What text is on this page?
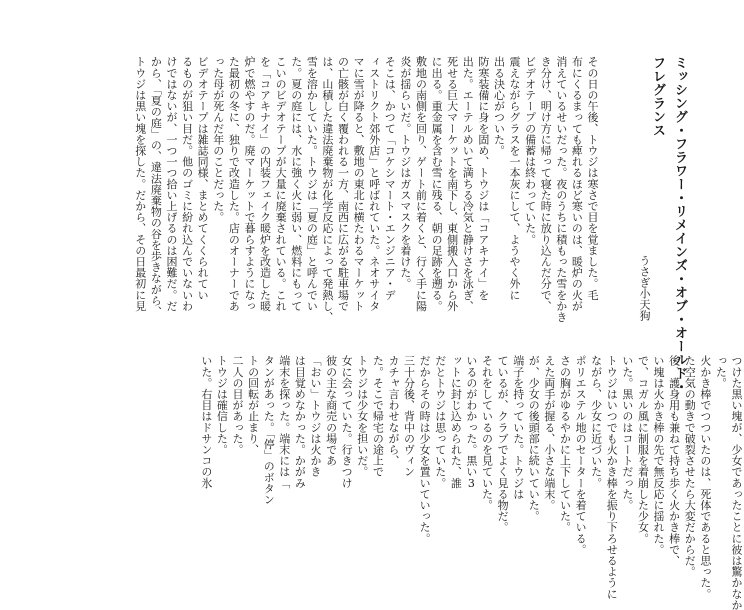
ミッシング・フラワー・リメインズ・オブ・オールド・
フレグランス
うさぎ小天狗
その日の午後、トウジは寒さで目を覚ました。毛
布にくるまっても痺れるほど寒いのは、暖炉の火が
消えているせいだった。夜のうちに積もった雪をかき
き分け、明け方に帰って寝た時に放り込んだ分で、
ビデオテープの備蓄は終わっていた。
震えながらグラスを一本灰にして、ようやく外に
出る決心がついた。
防寒装備に身を固め、トウジは「コアキナイ」を
出た。エーテルめいて満ちる冷気と静けさを泳ぎ、
死せる巨大マーケットを南下し、東側搬入口から外
に出る。重金属を含む雪に残る、朝の足跡を遡る。
敷地の南側を回り、ゲート前に着くと、行く手に陽
炎が揺らいだ。トウジはガスマスクを着けた。
そこは、かつて「コケシマート・エンジニア・デ
ィストリクト郊外店」と呼ばれていた。ネオサイタ
マに雪が降ると、敷地の東北に横たわるマーケット
の亡骸が白く覆われる一方、南西に広がる駐車場で
は、山積した違法廃棄物が化学反応によって発熱し、
雪を溶かしていた。トウジは「夏の庭」と呼んでい
た。夏の庭には、水に強く火に弱い、燃料にもって
こいのビデオテープが大量に廃棄されている。これ
を「コアキナイ」の内装フェイク暖炉を改造した暖
炉で燃やすのだ。廃マーケットで暮らすようになっ
た最初の冬に、独りで改造した。店のオーナーであ
った母が死んだ年のことだった。
ビデオテープは雑誌同様、まとめてくくられてい
るものが狙い目だ。他のゴミに紛れ込んでいないわ
けではないが、一つ一つ拾い上げるのは困難だ。だ
から、「夏の庭」の、違法廃棄物の谷を歩きながら、
トウジは黒い塊を探した。だから、その日最初に見
つけた黒い塊が、少女であったことに彼は驚かなか
った。
火かき棒でつついたのは、死体であると思った。
た空気の動きで破裂させたら大変だからだ。
後、護身用も兼ねて持ち歩く火かき棒で、
い塊は火かき棒の先で無反応に揺れた。
で、コガル風に制服を着崩した少女。
いた。黒いのはコートだった。
トウジはいつでも火かき棒を振り下ろせるように
ながら、少女に近づいた。
ポリエステル地のセーターを着ている。
さの胸がゆるやかに上下していた。
えた両手が握る、小さな端末。
が、少女の後頭部に続いていた。
端子を持っていた。トウジは
ているが、クラブでよく見る物だ。
それをしているのを見ていた。
いるのがわかった。黒い3
ットに封じ込められた、誰
だとトウジは思っていた。
だからその時は少女を置いていった。
三十分後、背中のヴィン
カチャ言わせながら、
た。そこで帰宅の途上で
トウジは少女を担いだ。
女に会っていた。行きつけ
彼の主な商売の場であ
「おい」トウジは火かき
は目覚めなかった。かがみ
端末を探った。端末には「
タンがあった。「停」のボタン
トの回転が止まり、
二人の目があった。
トウジは確信した。
いた。右目はドサンコの氷
